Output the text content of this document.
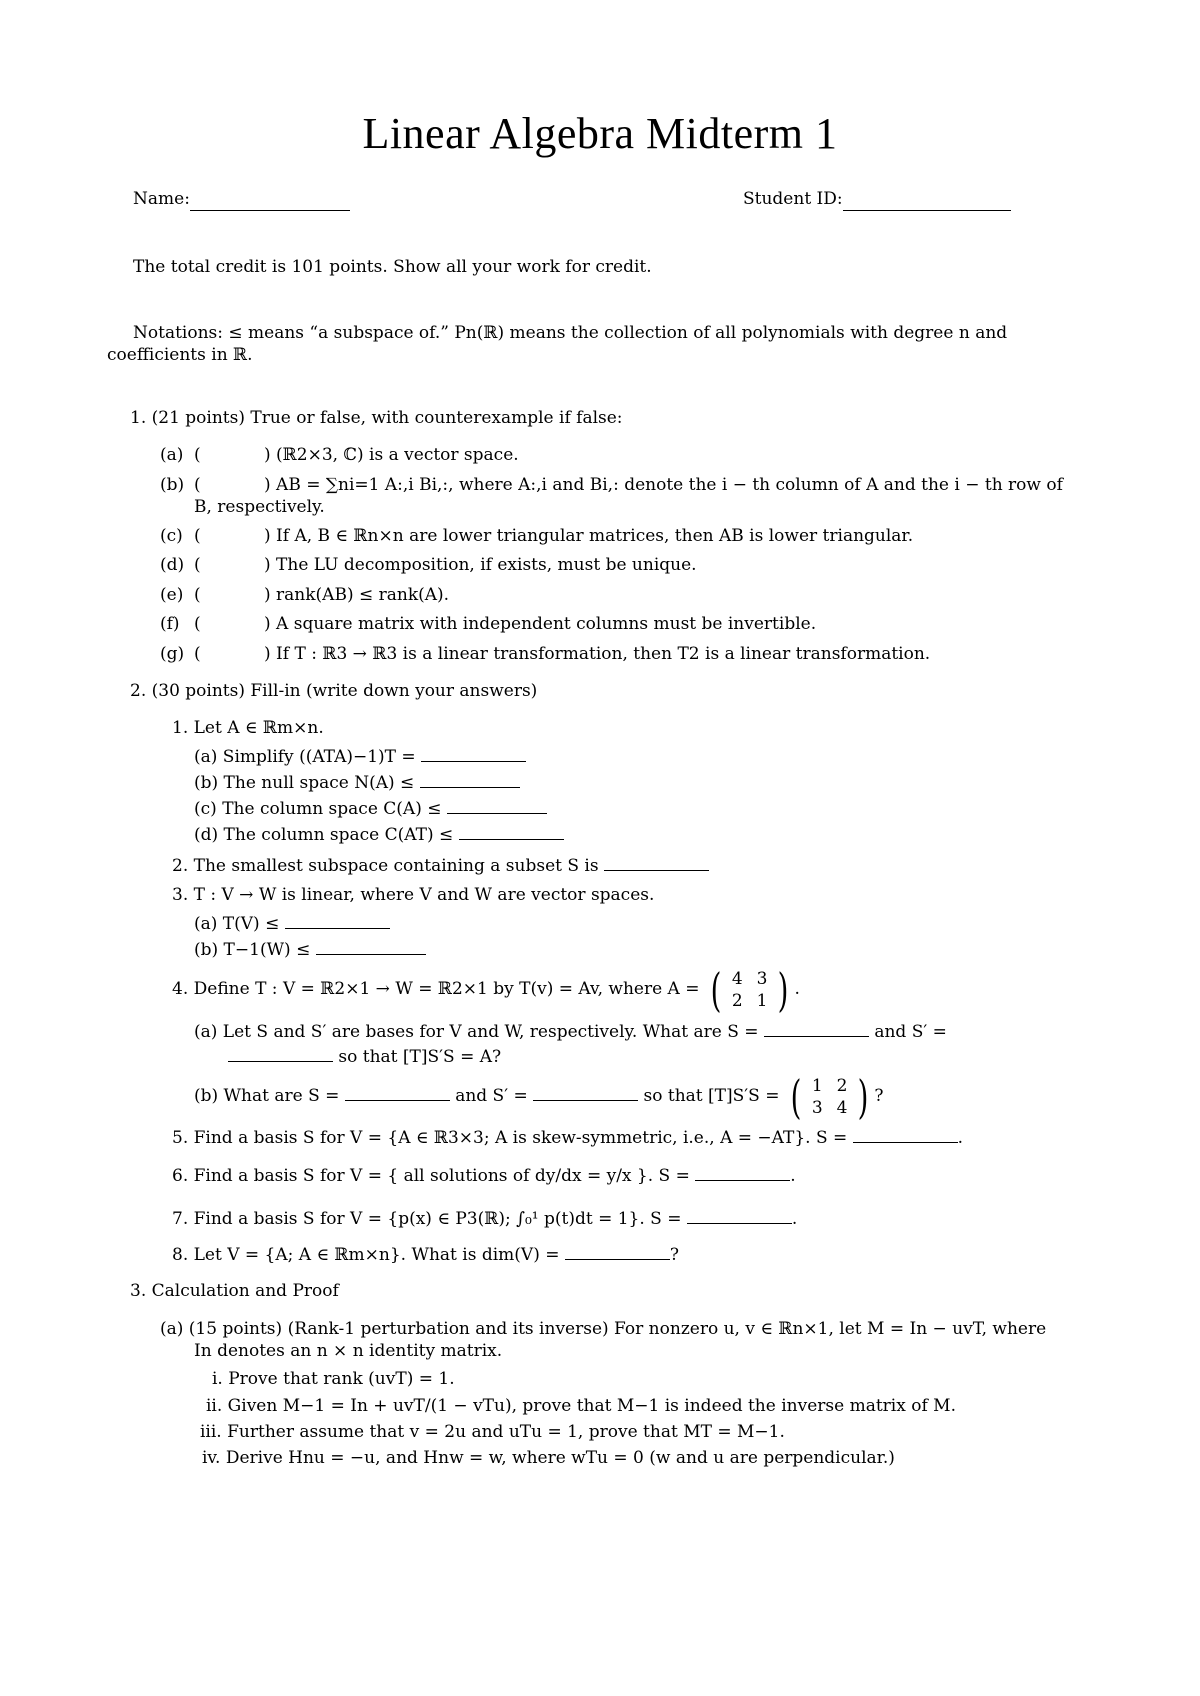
Linear Algebra Midterm 1
Name:	Student ID:
The total credit is 101 points. Show all your work for credit.
Notations: ≤ means “a subspace of.” Pn(ℝ) means the collection of all polynomials with degree n and
coefficients in ℝ.
1. (21 points) True or false, with counterexample if false:
(a) (	) (ℝ2×3, ℂ) is a vector space.
(b) (	) AB = ∑ni=1 A:,i Bi,:, where A:,i and Bi,: denote the i − th column of A and the i − th row of
B, respectively.
(c) (	) If A, B ∈ ℝn×n are lower triangular matrices, then AB is lower triangular.
(d) (	) The LU decomposition, if exists, must be unique.
(e) (	) rank(AB) ≤ rank(A).
(f) (	) A square matrix with independent columns must be invertible.
(g) (	) If T : ℝ3 → ℝ3 is a linear transformation, then T2 is a linear transformation.
2. (30 points) Fill-in (write down your answers)
1. Let A ∈ ℝm×n.
(a) Simplify ((ATA)−1)T =
(b) The null space N(A) ≤
(c) The column space C(A) ≤
(d) The column space C(AT) ≤
2. The smallest subspace containing a subset S is
3. T : V → W is linear, where V and W are vector spaces.
(a) T(V) ≤
(b) T−1(W) ≤
4. Define T : V = ℝ2×1 → W = ℝ2×1 by T(v) = Av, where A = ( 4	3
2	1 ) .
(a) Let S and S′ are bases for V and W, respectively. What are S =	and S′ =
so that [T]S′S = A?
(b) What are S =	and S′ =	so that [T]S′S = ( 1	2
3	4 ) ?
5. Find a basis S for V = {A ∈ ℝ3×3; A is skew-symmetric, i.e., A = −AT}. S =	.
6. Find a basis S for V = { all solutions of dy/dx = y/x }. S =	.
7. Find a basis S for V = {p(x) ∈ P3(ℝ); ∫₀¹ p(t)dt = 1}. S =	.
8. Let V = {A; A ∈ ℝm×n}. What is dim(V) =	?
3. Calculation and Proof
(a) (15 points) (Rank-1 perturbation and its inverse) For nonzero u, v ∈ ℝn×1, let M = In − uvT, where
In denotes an n × n identity matrix.
i. Prove that rank (uvT) = 1.
ii. Given M−1 = In + uvT/(1 − vTu), prove that M−1 is indeed the inverse matrix of M.
iii. Further assume that v = 2u and uTu = 1, prove that MT = M−1.
iv. Derive Hnu = −u, and Hnw = w, where wTu = 0 (w and u are perpendicular.)
